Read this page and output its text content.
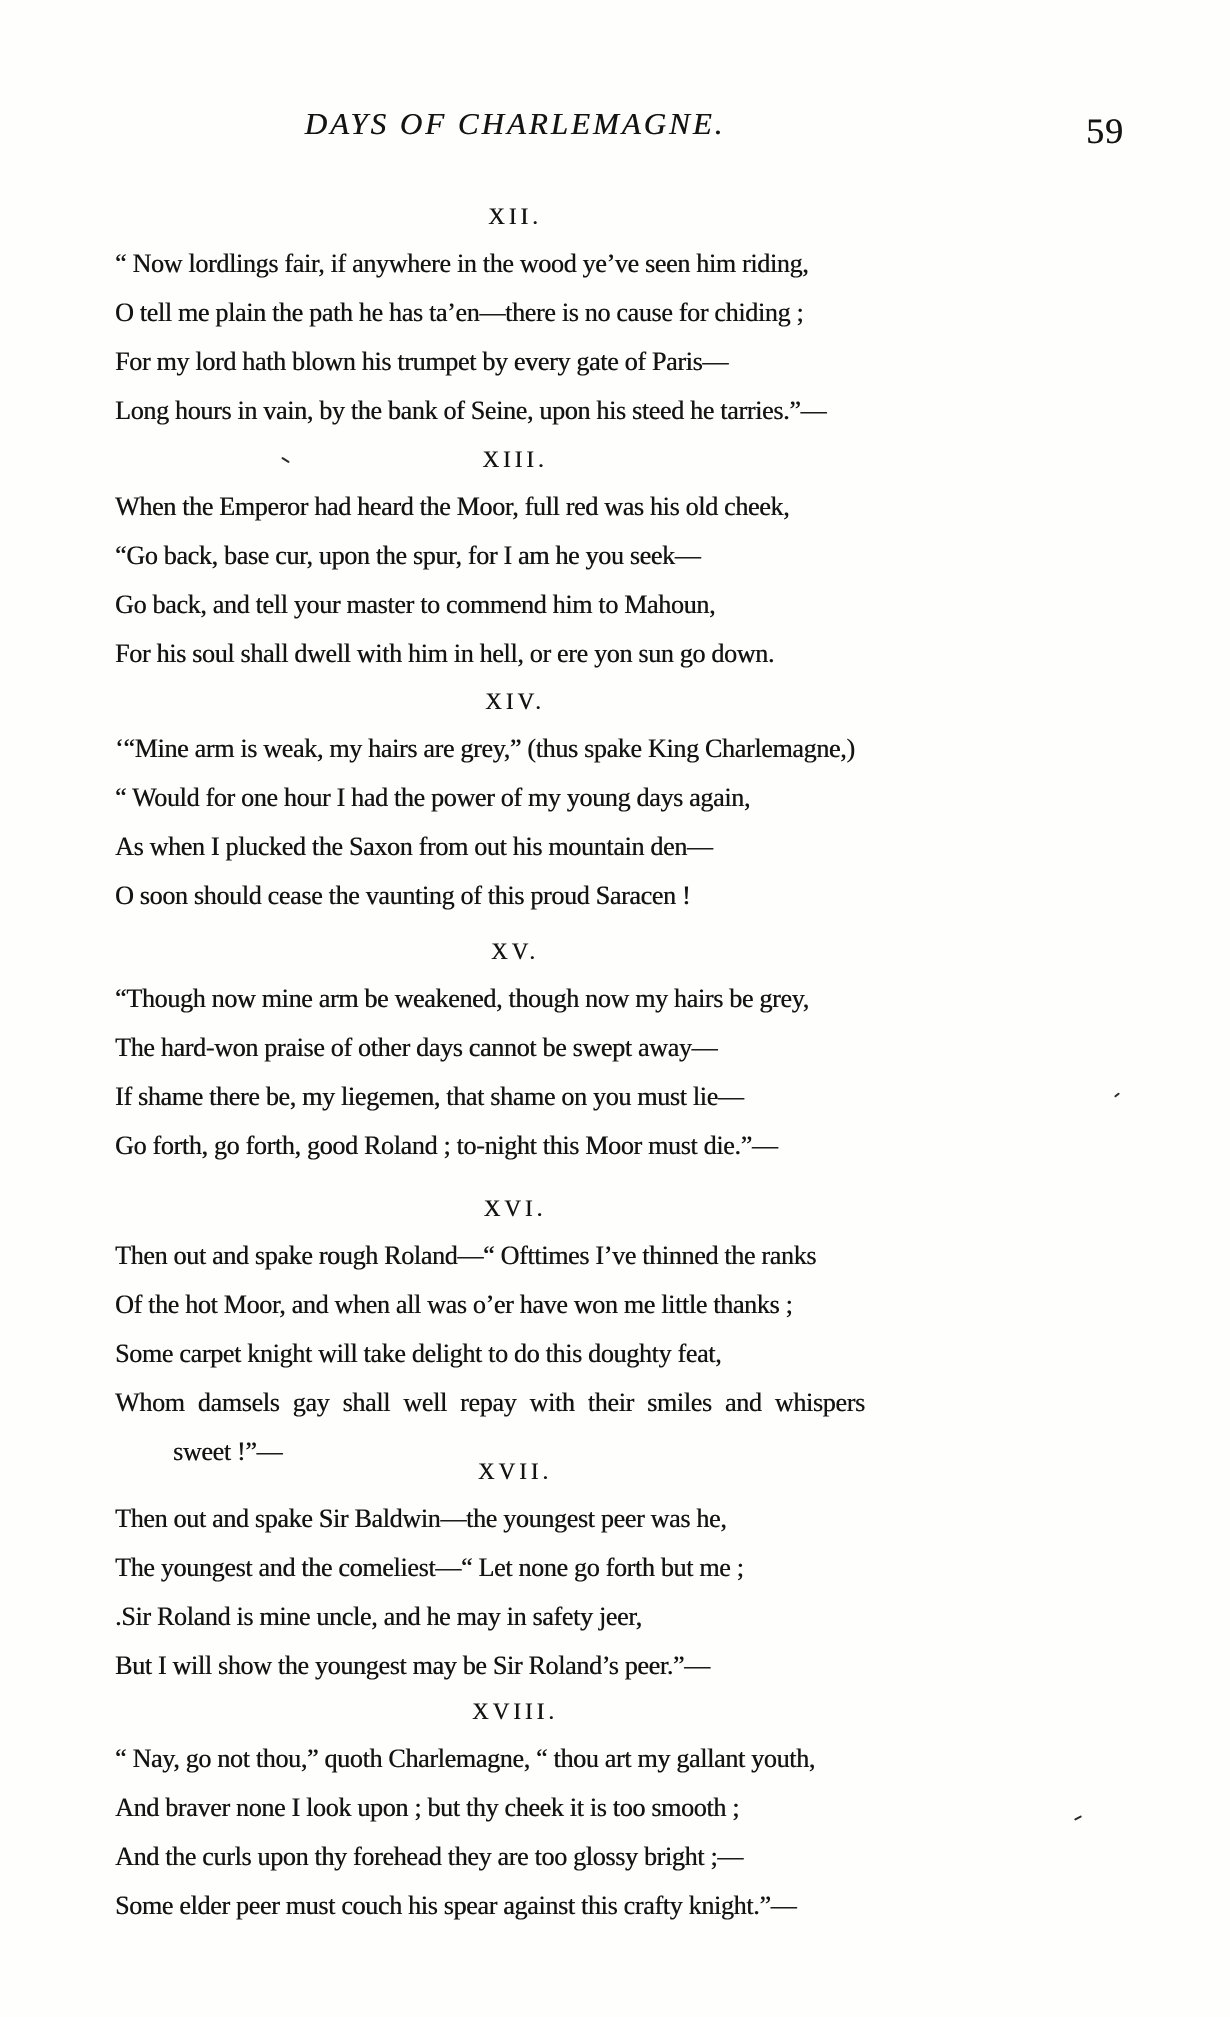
DAYS OF CHARLEMAGNE.	59
XII.
“ Now lordlings fair, if anywhere in the wood ye’ve seen him riding,
O tell me plain the path he has ta’en—there is no cause for chiding ;
For my lord hath blown his trumpet by every gate of Paris—
Long hours in vain, by the bank of Seine, upon his steed he tarries.”—
XIII.
When the Emperor had heard the Moor, full red was his old cheek,
“Go back, base cur, upon the spur, for I am he you seek—
Go back, and tell your master to commend him to Mahoun,
For his soul shall dwell with him in hell, or ere yon sun go down.
XIV.
‘“Mine arm is weak, my hairs are grey,” (thus spake King Charlemagne,)
“ Would for one hour I had the power of my young days again,
As when I plucked the Saxon from out his mountain den—
O soon should cease the vaunting of this proud Saracen !
XV.
“Though now mine arm be weakened, though now my hairs be grey,
The hard-won praise of other days cannot be swept away—
If shame there be, my liegemen, that shame on you must lie—
Go forth, go forth, good Roland ; to-night this Moor must die.”—
XVI.
Then out and spake rough Roland—“ Ofttimes I’ve thinned the ranks
Of the hot Moor, and when all was o’er have won me little thanks ;
Some carpet knight will take delight to do this doughty feat,
Whom damsels gay shall well repay with their smiles and whispers
sweet !”—
XVII.
Then out and spake Sir Baldwin—the youngest peer was he,
The youngest and the comeliest—“ Let none go forth but me ;
.Sir Roland is mine uncle, and he may in safety jeer,
But I will show the youngest may be Sir Roland’s peer.”—
XVIII.
“ Nay, go not thou,” quoth Charlemagne, “ thou art my gallant youth,
And braver none I look upon ; but thy cheek it is too smooth ;
And the curls upon thy forehead they are too glossy bright ;—
Some elder peer must couch his spear against this crafty knight.”—
